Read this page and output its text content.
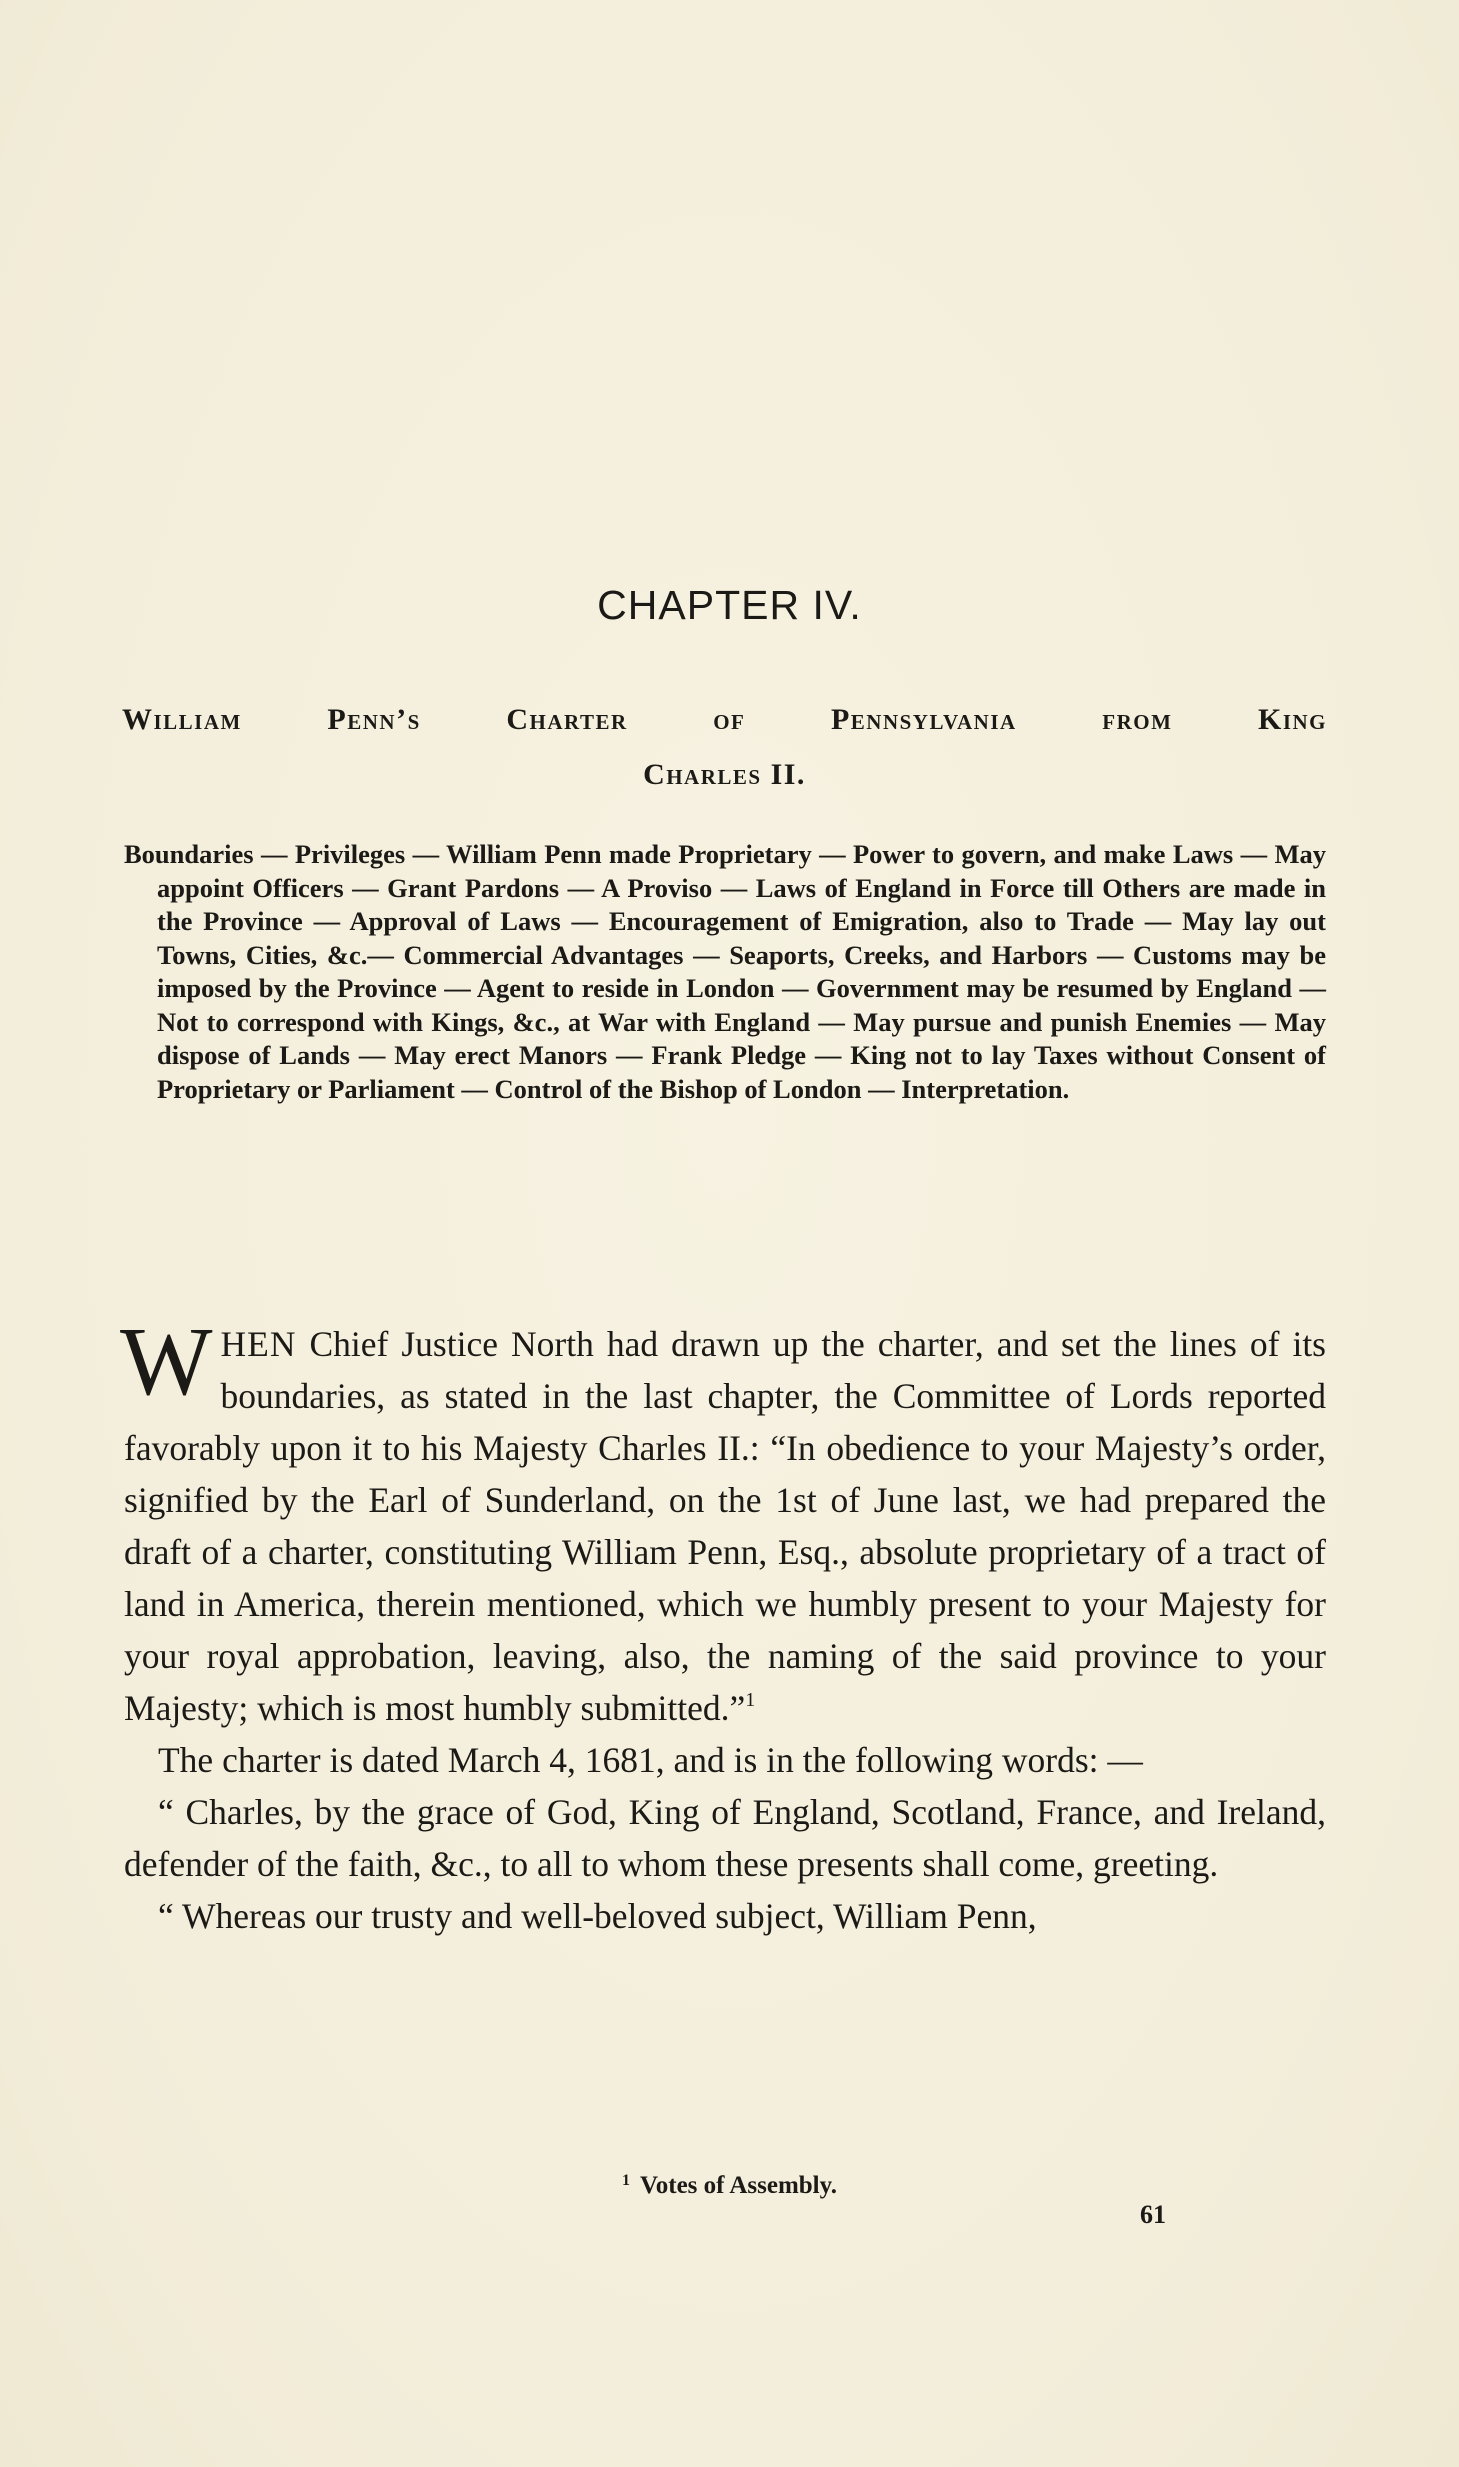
CHAPTER IV.
William Penn’s Charter of Pennsylvania from King
Charles II.
Boundaries — Privileges — William Penn made Proprietary — Power to govern, and make Laws — May appoint Officers — Grant Pardons — A Proviso — Laws of England in Force till Others are made in the Province — Approval of Laws — Encouragement of Emigration, also to Trade — May lay out Towns, Cities, &c.— Commercial Advantages — Seaports, Creeks, and Harbors — Customs may be imposed by the Province — Agent to reside in London — Government may be resumed by England — Not to correspond with Kings, &c., at War with England — May pursue and punish Enemies — May dispose of Lands — May erect Manors — Frank Pledge — King not to lay Taxes without Consent of Proprietary or Parliament — Control of the Bishop of London — Interpretation.

WHEN Chief Justice North had drawn up the charter, and set the lines of its boundaries, as stated in the last chapter, the Committee of Lords reported favorably upon it to his Majesty Charles II.: “In obedience to your Majesty’s order, signified by the Earl of Sunderland, on the 1st of June last, we had prepared the draft of a charter, constituting William Penn, Esq., absolute proprietary of a tract of land in America, therein mentioned, which we humbly present to your Majesty for your royal approbation, leaving, also, the naming of the said province to your Majesty; which is most humbly submitted.”$^1$

The charter is dated March 4, 1681, and is in the following words: —

“ Charles, by the grace of God, King of England, Scotland, France, and Ireland, defender of the faith, &c., to all to whom these presents shall come, greeting.

“ Whereas our trusty and well-beloved subject, William Penn,

$^1$ Votes of Assembly.
61
